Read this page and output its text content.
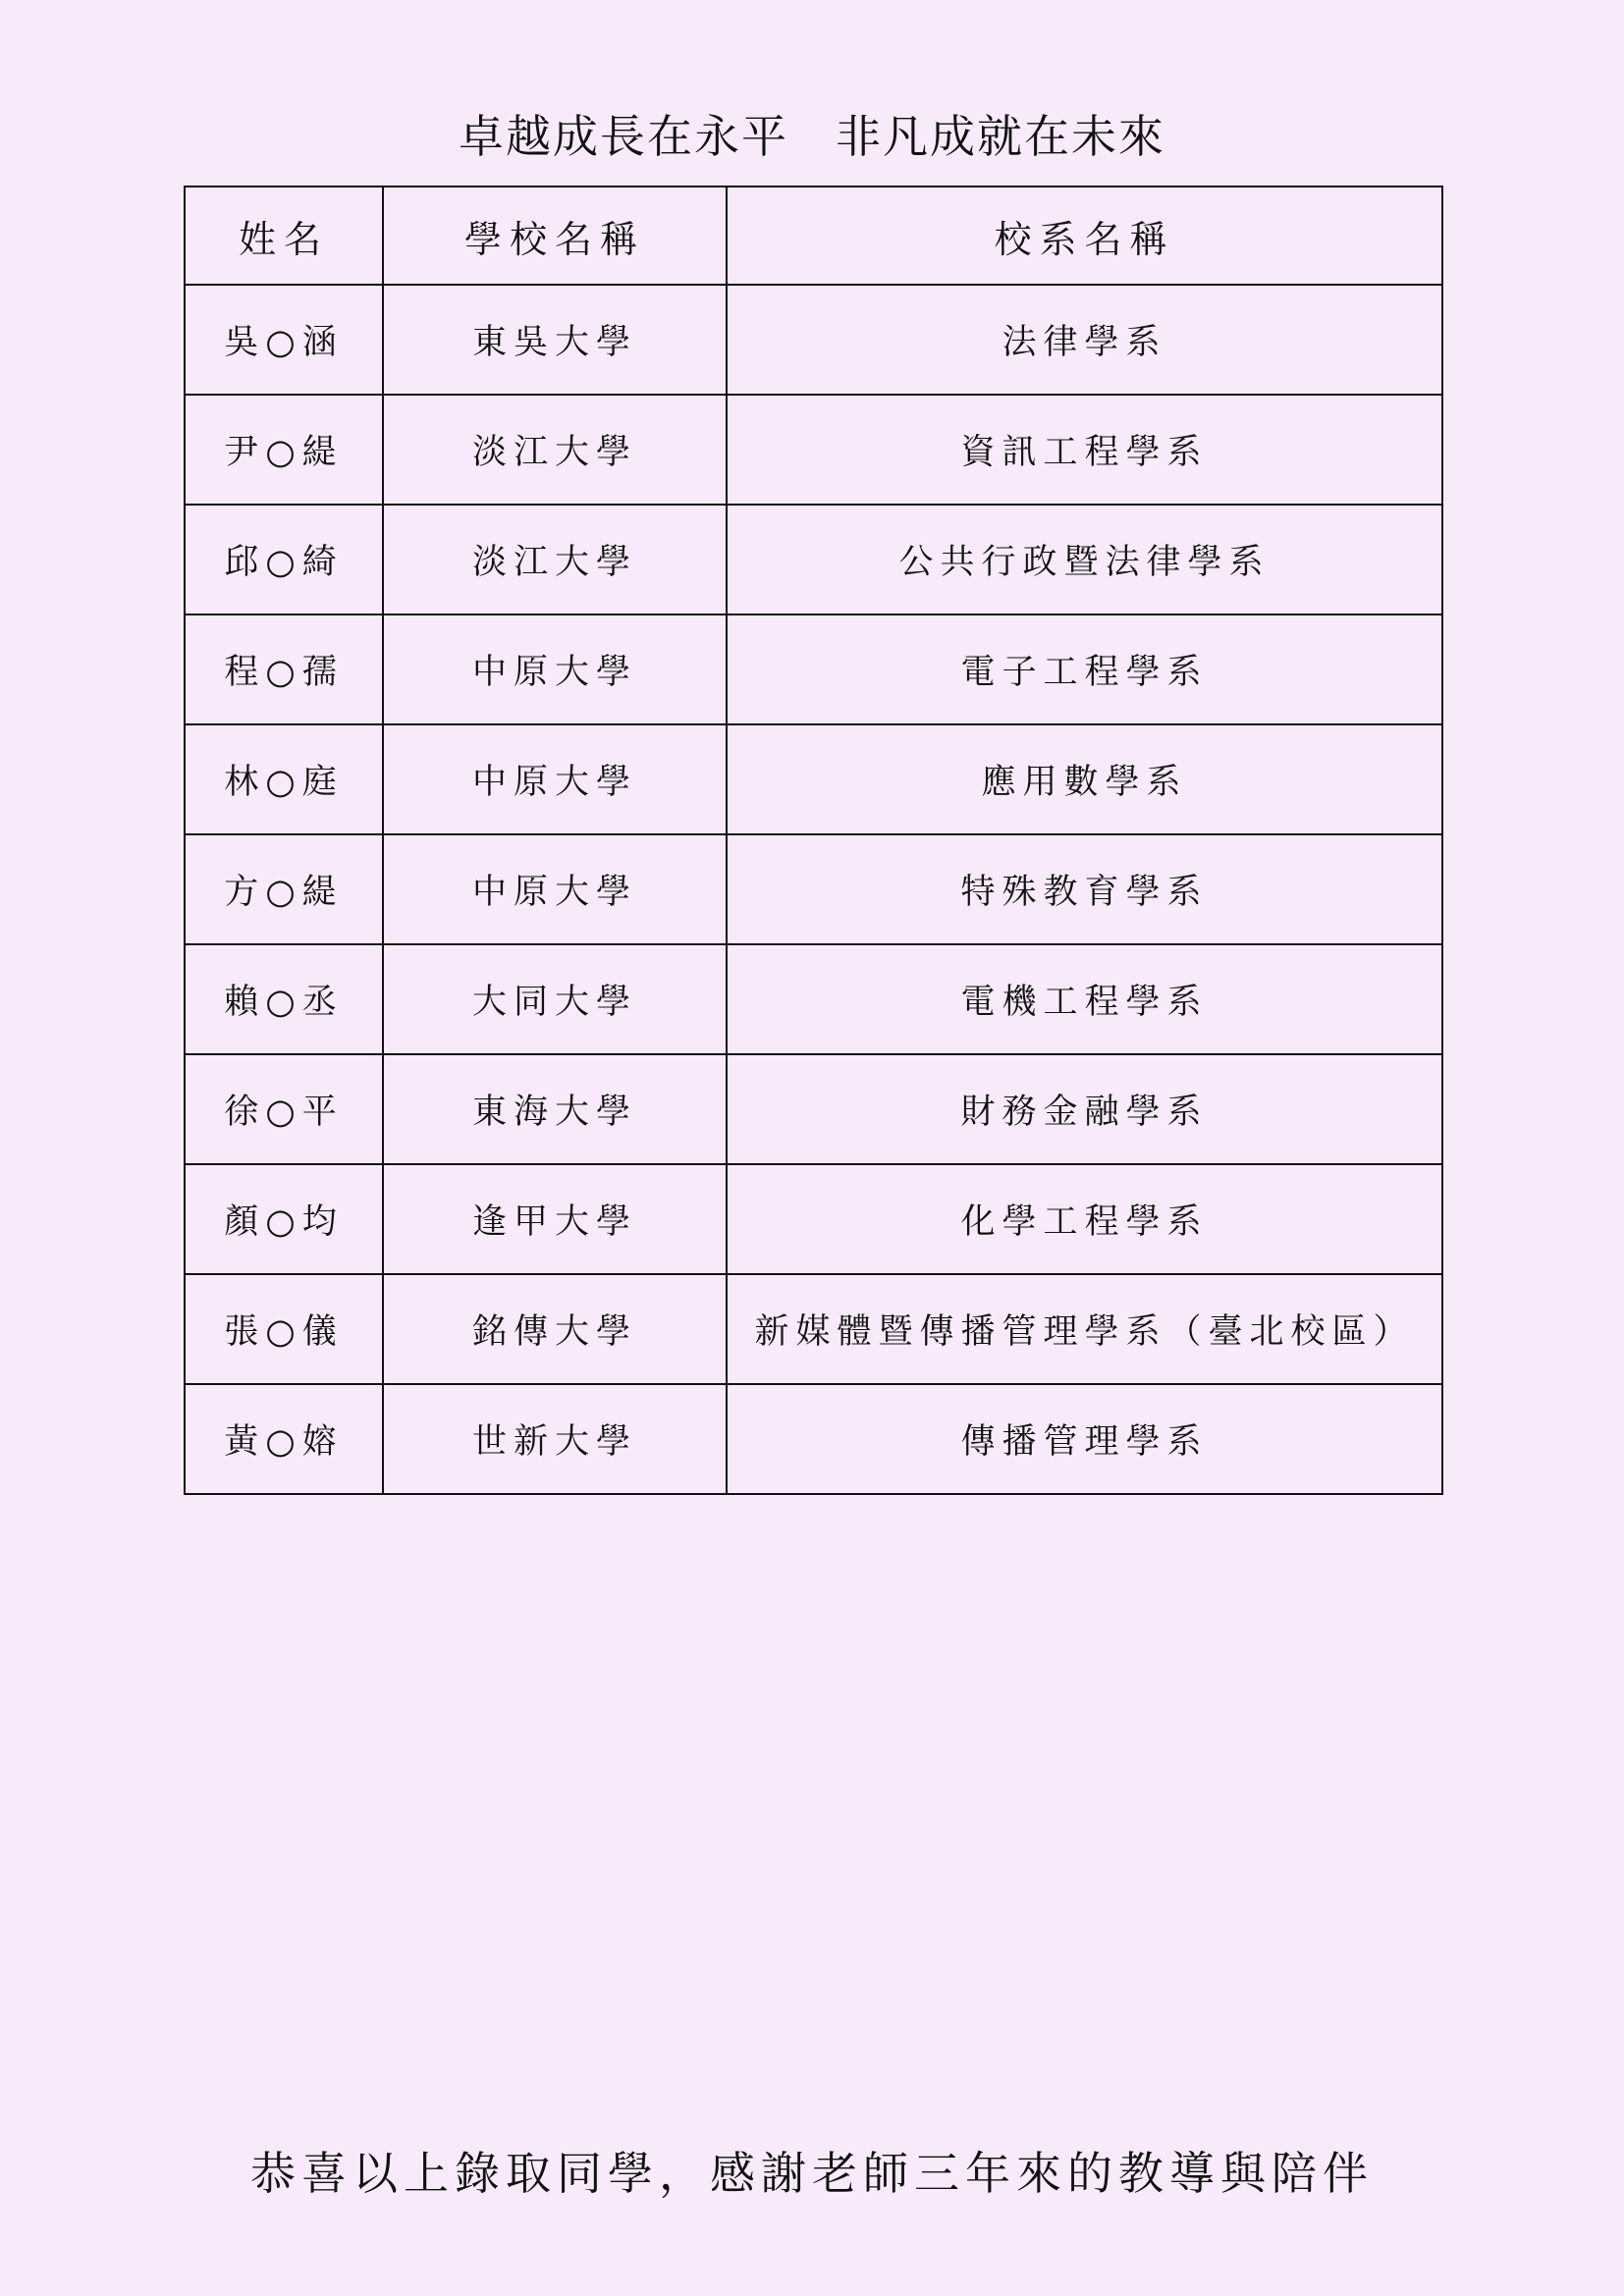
卓越成長在永平　非凡成就在未來
姓名	學校名稱	校系名稱
吳○涵	東吳大學	法律學系
尹○緹	淡江大學	資訊工程學系
邱○綺	淡江大學	公共行政暨法律學系
程○孺	中原大學	電子工程學系
林○庭	中原大學	應用數學系
方○緹	中原大學	特殊教育學系
賴○丞	大同大學	電機工程學系
徐○平	東海大學	財務金融學系
顏○均	逢甲大學	化學工程學系
張○儀	銘傳大學	新媒體暨傳播管理學系（臺北校區）
黃○嫆	世新大學	傳播管理學系
恭喜以上錄取同學，感謝老師三年來的教導與陪伴
